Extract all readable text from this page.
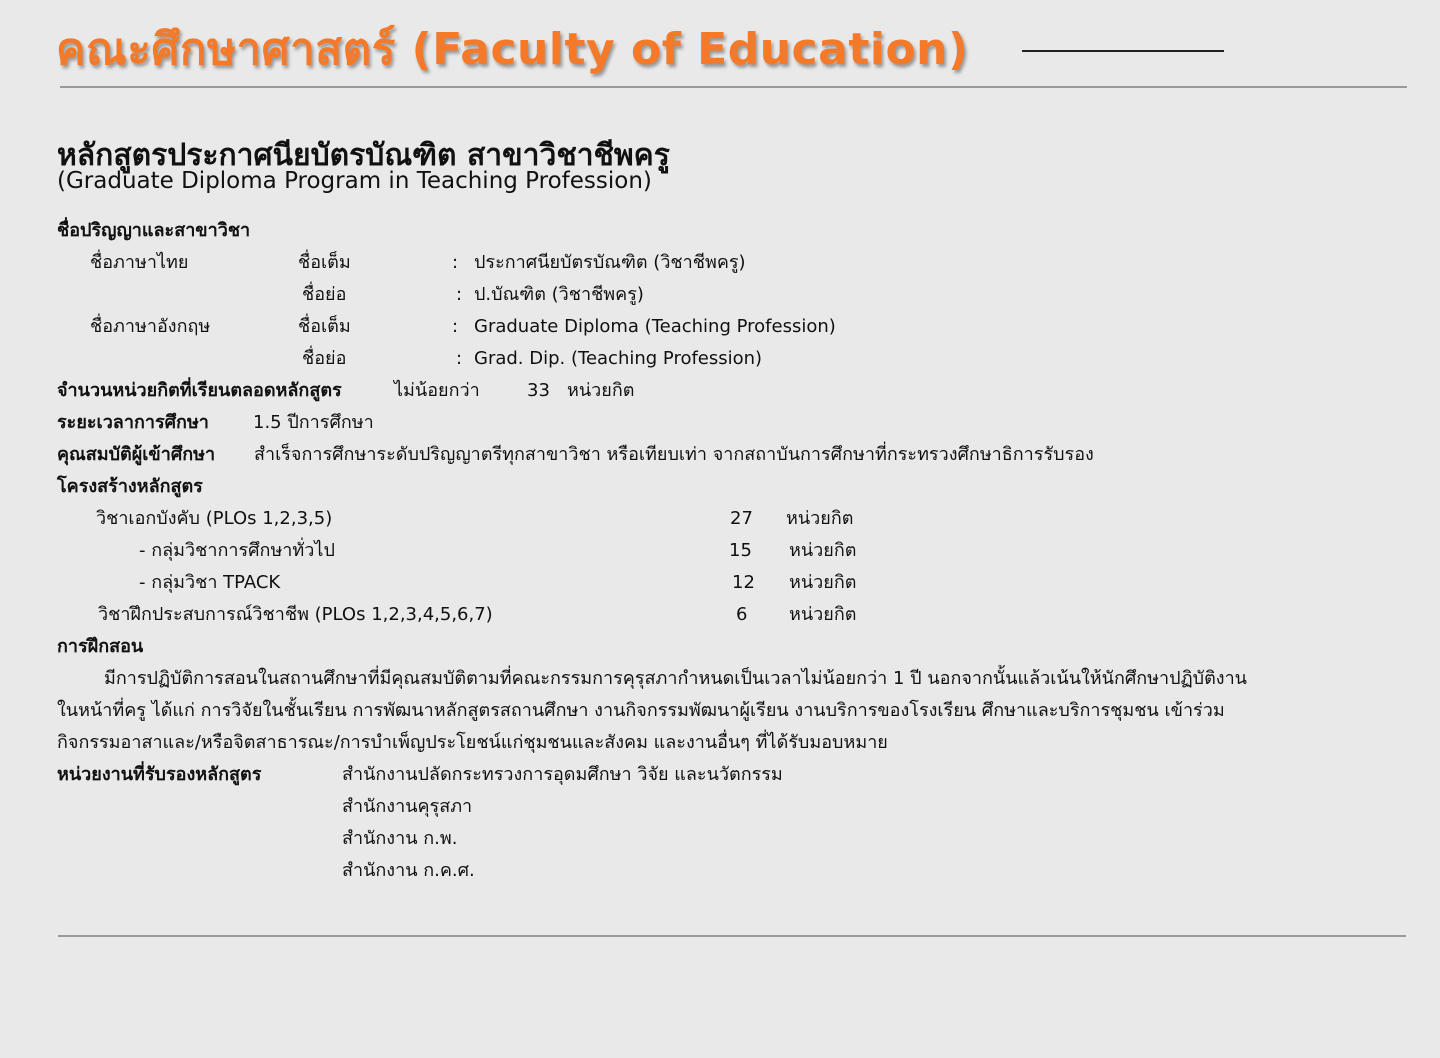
คณะศึกษาศาสตร์ (Faculty of Education)
หลักสูตรประกาศนียบัตรบัณฑิต สาขาวิชาชีพครู
(Graduate Diploma Program in Teaching Profession)
ชื่อปริญญาและสาขาวิชา
ชื่อภาษาไทย	ชื่อเต็ม	: ประกาศนียบัตรบัณฑิต (วิชาชีพครู)
ชื่อย่อ	: ป.บัณฑิต (วิชาชีพครู)
ชื่อภาษาอังกฤษ	ชื่อเต็ม	: Graduate Diploma (Teaching Profession)
ชื่อย่อ	: Grad. Dip. (Teaching Profession)
จำนวนหน่วยกิตที่เรียนตลอดหลักสูตร	ไม่น้อยกว่า	33 หน่วยกิต
ระยะเวลาการศึกษา 1.5 ปีการศึกษา
คุณสมบัติผู้เข้าศึกษา สำเร็จการศึกษาระดับปริญญาตรีทุกสาขาวิชา หรือเทียบเท่า จากสถาบันการศึกษาที่กระทรวงศึกษาธิการรับรอง
โครงสร้างหลักสูตร
วิชาเอกบังคับ (PLOs 1,2,3,5)	27 หน่วยกิต
- กลุ่มวิชาการศึกษาทั่วไป	15 หน่วยกิต
- กลุ่มวิชา TPACK	12 หน่วยกิต
วิชาฝึกประสบการณ์วิชาชีพ (PLOs 1,2,3,4,5,6,7)	6 หน่วยกิต
การฝึกสอน
มีการปฏิบัติการสอนในสถานศึกษาที่มีคุณสมบัติตามที่คณะกรรมการคุรุสภากำหนดเป็นเวลาไม่น้อยกว่า 1 ปี นอกจากนั้นแล้วเน้นให้นักศึกษาปฏิบัติงาน
ในหน้าที่ครู ได้แก่ การวิจัยในชั้นเรียน การพัฒนาหลักสูตรสถานศึกษา งานกิจกรรมพัฒนาผู้เรียน งานบริการของโรงเรียน ศึกษาและบริการชุมชน เข้าร่วม
กิจกรรมอาสาและ/หรือจิตสาธารณะ/การบำเพ็ญประโยชน์แก่ชุมชนและสังคม และงานอื่นๆ ที่ได้รับมอบหมาย
หน่วยงานที่รับรองหลักสูตร	สำนักงานปลัดกระทรวงการอุดมศึกษา วิจัย และนวัตกรรม
สำนักงานคุรุสภา
สำนักงาน ก.พ.
สำนักงาน ก.ค.ศ.
